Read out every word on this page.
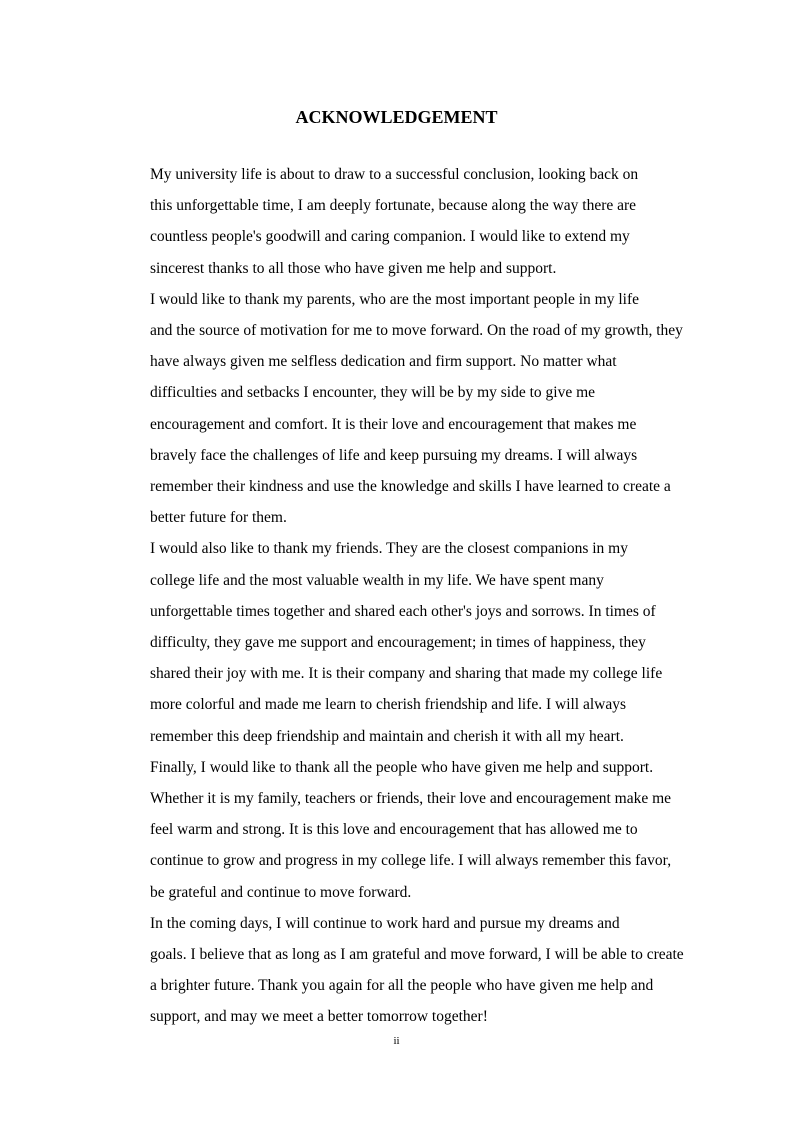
ACKNOWLEDGEMENT

My university life is about to draw to a successful conclusion, looking back on
this unforgettable time, I am deeply fortunate, because along the way there are
countless people's goodwill and caring companion. I would like to extend my
sincerest thanks to all those who have given me help and support.

I would like to thank my parents, who are the most important people in my life
and the source of motivation for me to move forward. On the road of my growth, they
have always given me selfless dedication and firm support. No matter what
difficulties and setbacks I encounter, they will be by my side to give me
encouragement and comfort. It is their love and encouragement that makes me
bravely face the challenges of life and keep pursuing my dreams. I will always
remember their kindness and use the knowledge and skills I have learned to create a
better future for them.

I would also like to thank my friends. They are the closest companions in my
college life and the most valuable wealth in my life. We have spent many
unforgettable times together and shared each other's joys and sorrows. In times of
difficulty, they gave me support and encouragement; in times of happiness, they
shared their joy with me. It is their company and sharing that made my college life
more colorful and made me learn to cherish friendship and life. I will always
remember this deep friendship and maintain and cherish it with all my heart.

Finally, I would like to thank all the people who have given me help and support.
Whether it is my family, teachers or friends, their love and encouragement make me
feel warm and strong. It is this love and encouragement that has allowed me to
continue to grow and progress in my college life. I will always remember this favor,
be grateful and continue to move forward.

In the coming days, I will continue to work hard and pursue my dreams and
goals. I believe that as long as I am grateful and move forward, I will be able to create
a brighter future. Thank you again for all the people who have given me help and
support, and may we meet a better tomorrow together!

ii
